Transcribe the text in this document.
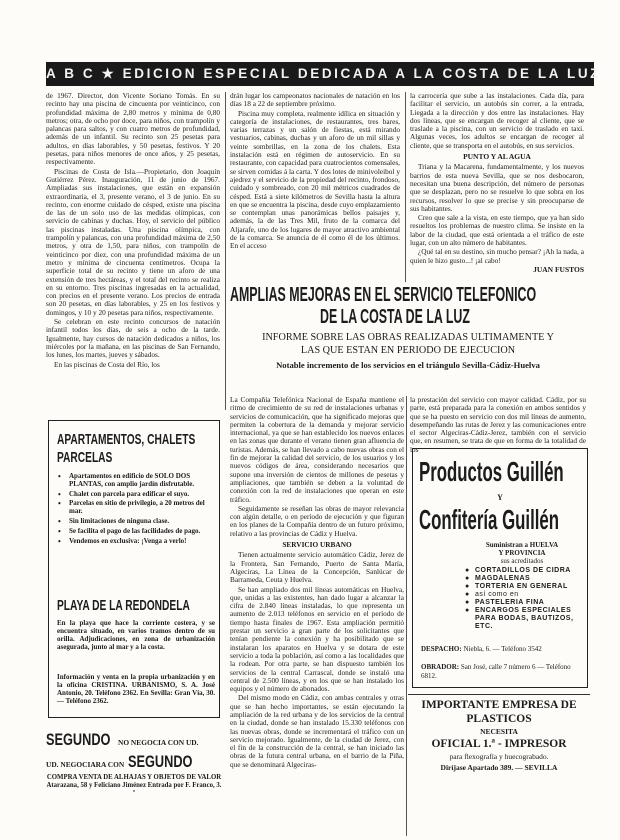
A B C ★ EDICION ESPECIAL DEDICADA A LA COSTA DE LA LUZ

de 1967. Director, don Vicente Soriano Tomás. En su recinto hay una piscina de cincuenta por veinticinco, con profundidad máxima de 2,80 metros y mínima de 0,80 metros; otra, de ocho por doce, para niños, con trampolín y palancas para saltos, y con cuatro metros de profundidad, además de un infantil. Su recinto son 25 pesetas para adultos, en días laborables, y 50 pesetas, festivos. Y 20 pesetas, para niños menores de once años, y 25 pesetas, respectivamente.

Piscinas de Costa de Isla.—Propietario, don Joaquín Gutiérrez Pérez. Inauguración, 11 de junio de 1967. Ampliadas sus instalaciones, que están en expansión extraordinaria, el 3, presente verano, el 3 de junio. En su recinto, con enorme cuidado de césped, existe una piscina de las de un solo uso de las medidas olímpicas, con servicio de cabinas y duchas. Hoy, el servicio del público las piscinas instaladas. Una piscina olímpica, con trampolín y palancas, con una profundidad máxima de 2,50 metros, y otra de 1,50, para niños, con trampolín de veinticinco por diez, con una profundidad máxima de un metro y mínima de cincuenta centímetros. Ocupa la superficie total de su recinto y tiene un aforo de una extensión de tres hectáreas, y el total del recinto se realiza en su entorno. Tres piscinas ingresadas en la actualidad, con precios en el presente verano. Los precios de entrada son 20 pesetas, en días laborables, y 25 en los festivos y domingos, y 10 y 20 pesetas para niños, respectivamente.

Se celebran en este recinto concursos de natación infantil todos los días, de seis a ocho de la tarde. Igualmente, hay cursos de natación dedicados a niños, los miércoles por la mañana, en las piscinas de San Fernando, los lunes, los martes, jueves y sábados.

En las piscinas de Costa del Río, los

drán lugar los campeonatos nacionales de natación en los días 18 a 22 de septiembre próximo.

Piscina muy completa, realmente idílica en situación y categoría de instalaciones, de restaurantes, tres bares, varias terrazas y un salón de fiestas, está mirando vestuarios, cabinas, duchas y un aforo de un mil sillas y veinte sombrillas, en la zona de los chalets. Esta instalación está en régimen de autoservicio. En su restaurante, con capacidad para cuatrocientos comensales, se sirven comidas á la carta. Y dos lotes de minivoleibol y ajedrez y el servicio de la propiedad del recinto, frondoso, cuidado y sombreado, con 20 mil métricos cuadrados de césped. Está a siete kilómetros de Sevilla hasta la altura en que se encuentra la piscina, desde cuyo emplazamiento se contemplan unas panorámicas bellos paisajes y, además, la de las Tres Mil, fruto de la comarca del Aljarafe, uno de los lugares de mayor atractivo ambiental de la comarca. Se anuncia de él como él de los últimos. En el acceso

la carrocería que sube a las instalaciones. Cada día, para facilitar el servicio, un autobús sin correr, a la entrada, Liegada a la dirección y dos entre las instalaciones. Hay dos líneas, que se encargan de recoger al cliente, que se traslade a la piscina, con un servicio de traslado en taxi. Algunas veces, los adultos se encargan de recoger al cliente, que se transporta en el autobús, en sus servicios.

PUNTO Y AL AGUA

Triana y la Macarena, fundamentalmente, y los nuevos barrios de esta nueva Sevilla, que se nos desbocaron, necesitan una buena descripción, del número de personas que se desplazan, pero no se resuelve lo que sobra en los recursos, resolver lo que se precise y sin preocuparse de sus habitantes.

Creo que sale a la vista, en este tiempo, que ya han sido resueltos los problemas de nuestro clima. Se insiste en la labor de la ciudad, que está orientada a el tráfico de este lugar, con un alto número de habitantes.

¿Qué tal en su destino, sin mucho pensar? ¡Ah la nada, a quien le hizo gusto...! ¡al cabo!

JUAN FUSTOS
AMPLIAS MEJORAS EN EL SERVICIO TELEFONICO
DE LA COSTA DE LA LUZ
INFORME SOBRE LAS OBRAS REALIZADAS ULTIMAMENTE Y
LAS QUE ESTAN EN PERIODO DE EJECUCION
Notable incremento de los servicios en el triángulo Sevilla-Cádiz-Huelva

La Compañía Telefónica Nacional de España mantiene el ritmo de crecimiento de su red de instalaciones urbanas y servicios de comunicación, que ha significado mejoras que permiten la cobertura de la demanda y mejorar servicio internacional, ya que se han establecido los nuevos enlaces en las zonas que durante el verano tienen gran afluencia de turistas. Además, se han llevado a cabo nuevas obras con el fin de mejorar la calidad del servicio, de los usuarios y los nuevos códigos de área, considerando necesarios que supone una inversión de cientos de millones de pesetas y ampliaciones, que también se deben a la voluntad de conexión con la red de instalaciones que operan en este tráfico.

Seguidamente se reseñan las obras de mayor relevancia con algún detalle, o en período de ejecución y que figuran en los planes de la Compañía dentro de un futuro próximo, relativo a las provincias de Cádiz y Huelva.

SERVICIO URBANO

Tienen actualmente servicio automático Cádiz, Jerez de la Frontera, San Fernando, Puerto de Santa María, Algeciras, La Línea de la Concepción, Sanlúcar de Barrameda, Ceuta y Huelva.

Se han ampliado dos mil líneas automáticas en Huelva, que, unidas a las existentes, han dado lugar a alcanzar la cifra de 2.840 líneas instaladas, lo que representa un aumento de 2.013 teléfonos en servicio en el período de tiempo hasta finales de 1967. Esta ampliación permitió prestar un servicio a gran parte de los solicitantes que tenían pendiente la conexión y ha posibilitado que se instalaran los aparatos en Huelva y se dotara de este servicio a toda la población, así como a las localidades que la rodean. Por otra parte, se han dispuesto también los servicios de la central Carrascal, donde se instaló una central de 2.500 líneas, y en los que se han instalado los equipos y el número de abonados.

Del mismo modo en Cádiz, con ambas centrales y otras que se han hecho importantes, se están ejecutando la ampliación de la red urbana y de los servicios de la central en la ciudad, donde se han instalado 15.330 teléfonos con las nuevas obras, donde se incrementará el tráfico con un servicio mejorado. Igualmente, de la ciudad de Jerez, con el fin de la construcción de la central, se han iniciado las obras de la futura central urbana, en el barrio de la Piña, que se denominará Algeciras-

la prestación del servicio con mayor calidad. Cádiz, por su parte, está preparada para la conexión en ambos sentidos y que se ha puesto en servicio con dos mil líneas de aumento, desempeñando las rutas de Jerez y las comunicaciones entre el sector Algeciras-Cádiz-Jerez, también con el servicio que, en resumen, se trata de que en forma de la totalidad de los

APARTAMENTOS, CHALETS
PARCELAS
• Apartamentos en edificio de SOLO DOS PLANTAS, con amplio jardín disfrutable.
• Chalet con parcela para edificar el suyo.
• Parcelas en sitio de privilegio, a 20 metros del mar.
• Sin limitaciones de ninguna clase.
• Se facilita el pago de las facilidades de pago.
• Vendemos en exclusiva: ¡Venga a verlo!
PLAYA DE LA REDONDELA
En la playa que hace la corriente costera, y se encuentra situado, en varios tramos dentro de su orilla. Adjudicaciones, en zona de urbanización asegurada, junto al mar y a la costa.
Información y venta en la propia urbanización y en la oficina CRISTINA. URBANISMO, S. A. José Antonio, 20. Teléfono 2362. En Sevilla: Gran Vía, 30. — Teléfono 2362.
SEGUNDO NO NEGOCIA CON UD.
UD. NEGOCIARA CON SEGUNDO
COMPRA VENTA DE ALHAJAS Y OBJETOS DE VALOR
Atarazana, 58 y Feliciano Jiménez Entrada por F. Franco, 3. º
Productos Guillén
Y
Confitería Guillén
Suministran a HUELVA
Y PROVINCIA
sus acreditados
● CORTADILLOS DE CIDRA
● MAGDALENAS
● TORTERIA EN GENERAL
● así como en
● PASTELERIA FINA
● ENCARGOS ESPECIALES PARA BODAS, BAUTIZOS, ETC.
DESPACHO: Niebla, 6. — Teléfono 3542
OBRADOR: San José, calle 7 número 6 — Teléfono 6812.
IMPORTANTE EMPRESA DE
PLASTICOS
NECESITA
OFICIAL 1.ª - IMPRESOR
para flexografía y huecograbado.
Diríjase Apartado 389. — SEVILLA
